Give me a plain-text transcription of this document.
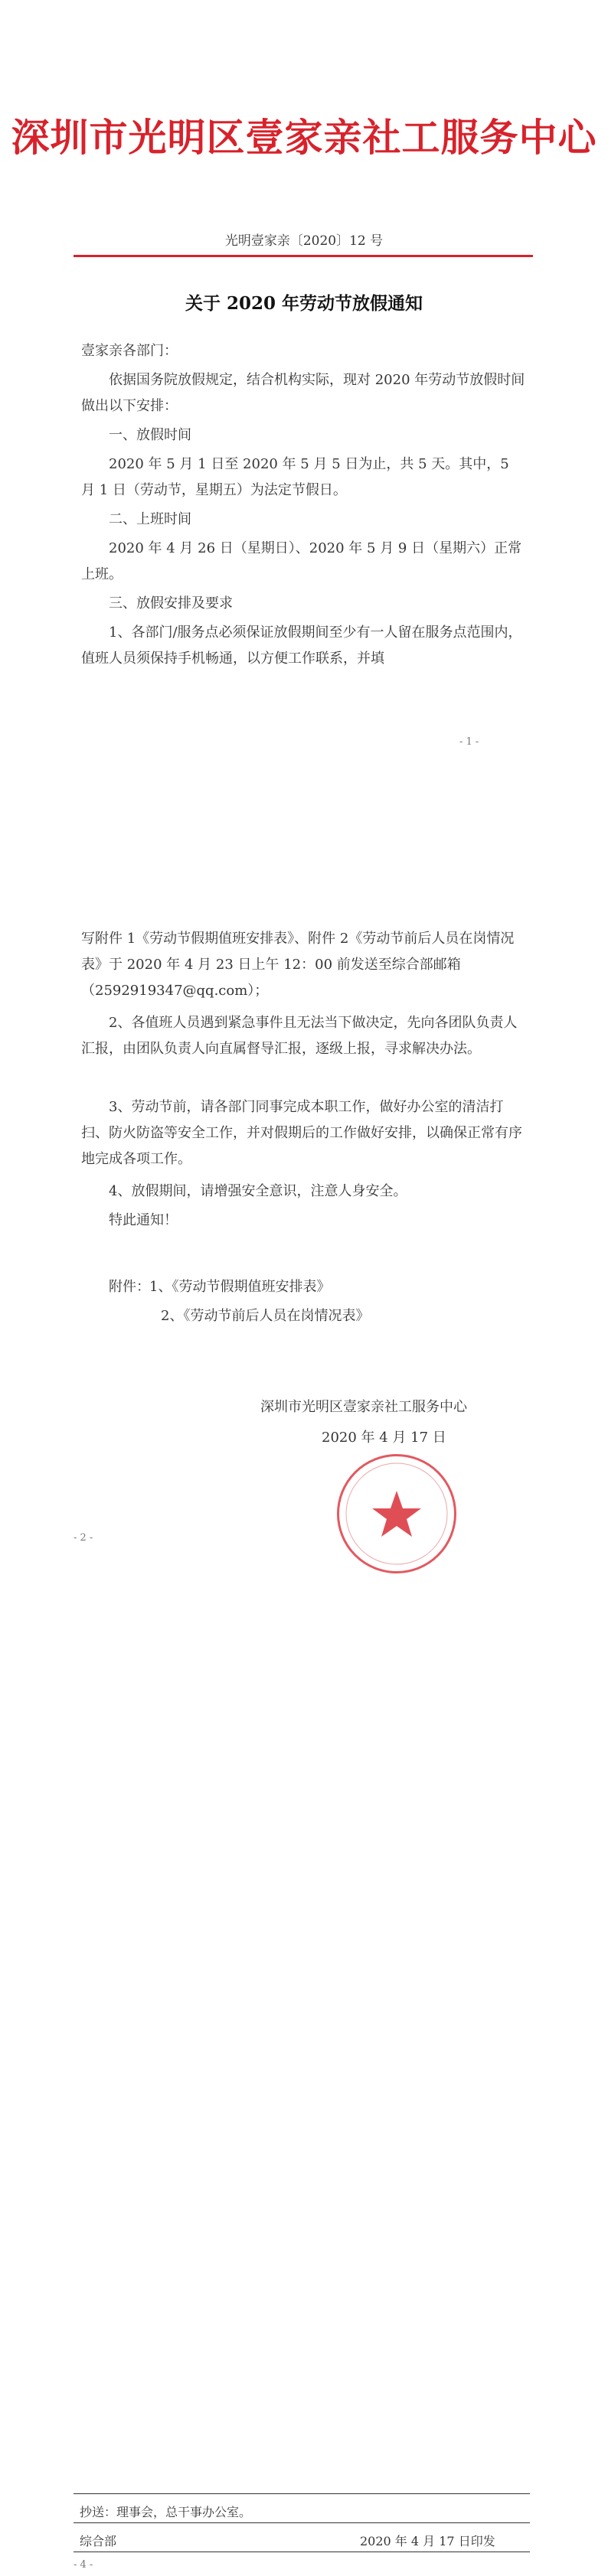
深圳市光明区壹家亲社工服务中心
光明壹家亲〔2020〕12 号
关于 2020 年劳动节放假通知
壹家亲各部门：
依据国务院放假规定，结合机构实际，现对 2020 年劳动节放假时间做出以下安排：
一、放假时间
2020 年 5 月 1 日至 2020 年 5 月 5 日为止，共 5 天。其中，5 月 1 日（劳动节，星期五）为法定节假日。
二、上班时间
2020 年 4 月 26 日（星期日）、2020 年 5 月 9 日（星期六）正常上班。
三、放假安排及要求
1、各部门/服务点必须保证放假期间至少有一人留在服务点范围内，值班人员须保持手机畅通，以方便工作联系，并填
- 1 -
写附件 1《劳动节假期值班安排表》、附件 2《劳动节前后人员在岗情况表》于 2020 年 4 月 23 日上午 12：00 前发送至综合部邮箱（2592919347@qq.com）；
2、各值班人员遇到紧急事件且无法当下做决定，先向各团队负责人汇报，由团队负责人向直属督导汇报，逐级上报，寻求解决办法。
3、劳动节前，请各部门同事完成本职工作，做好办公室的清洁打扫、防火防盗等安全工作，并对假期后的工作做好安排，以确保正常有序地完成各项工作。
4、放假期间，请增强安全意识，注意人身安全。
特此通知！
附件： 1、《劳动节假期值班安排表》
2、《劳动节前后人员在岗情况表》
深圳市光明区壹家亲社工服务中心
2020 年 4 月 17 日
- 2 -
抄送：理事会，总干事办公室。
综合部	2020 年 4 月 17 日印发
- 4 -
